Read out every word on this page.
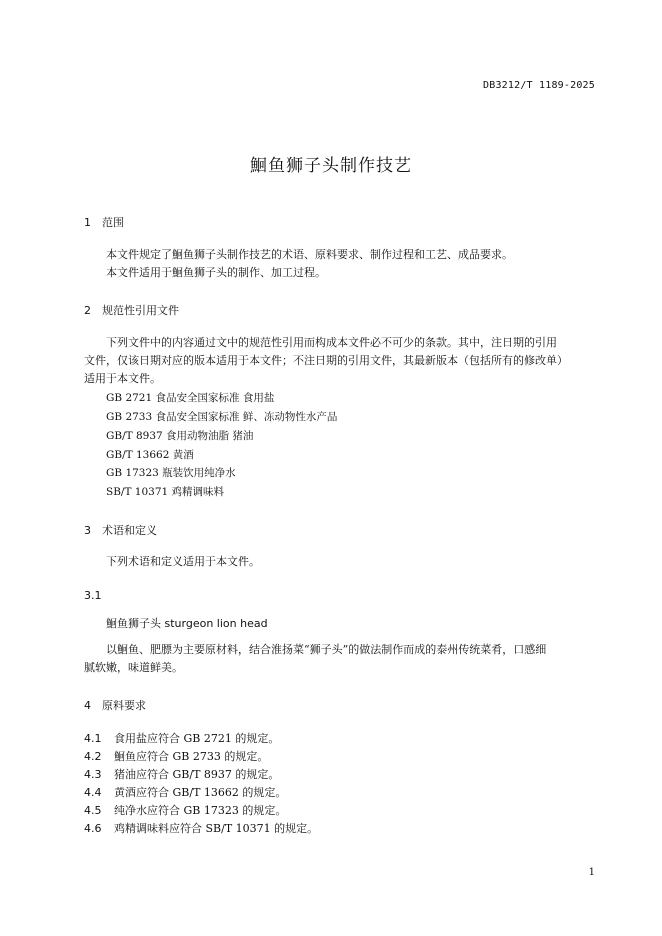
DB3212/T 1189-2025
鮰鱼狮子头制作技艺
1 范围
本文件规定了鮰鱼狮子头制作技艺的术语、原料要求、制作过程和工艺、成品要求。
本文件适用于鮰鱼狮子头的制作、加工过程。
2 规范性引用文件
下列文件中的内容通过文中的规范性引用而构成本文件必不可少的条款。其中，注日期的引用
文件，仅该日期对应的版本适用于本文件；不注日期的引用文件，其最新版本（包括所有的修改单）
适用于本文件。
GB 2721 食品安全国家标准 食用盐
GB 2733 食品安全国家标准 鲜、冻动物性水产品
GB/T 8937 食用动物油脂 猪油
GB/T 13662 黄酒
GB 17323 瓶装饮用纯净水
SB/T 10371 鸡精调味料
3 术语和定义
下列术语和定义适用于本文件。
3.1
鮰鱼狮子头 sturgeon lion head
以鮰鱼、肥膘为主要原材料，结合淮扬菜“狮子头”的做法制作而成的泰州传统菜肴，口感细
腻软嫩，味道鲜美。
4 原料要求
4.1 食用盐应符合 GB 2721 的规定。
4.2 鮰鱼应符合 GB 2733 的规定。
4.3 猪油应符合 GB/T 8937 的规定。
4.4 黄酒应符合 GB/T 13662 的规定。
4.5 纯净水应符合 GB 17323 的规定。
4.6 鸡精调味料应符合 SB/T 10371 的规定。
1
